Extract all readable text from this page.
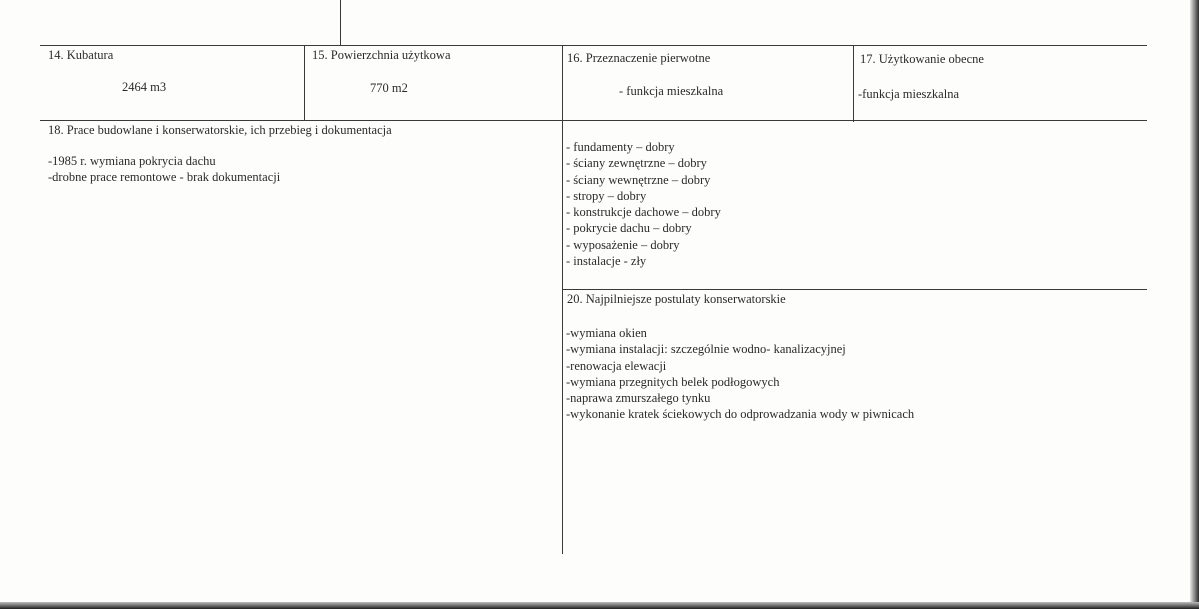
14. Kubatura
2464 m3
15. Powierzchnia użytkowa
770 m2
16. Przeznaczenie pierwotne
- funkcja mieszkalna
17. Użytkowanie obecne
-funkcja mieszkalna
18. Prace budowlane i konserwatorskie, ich przebieg i dokumentacja
-1985 r. wymiana pokrycia dachu
-drobne prace remontowe - brak dokumentacji
- fundamenty – dobry
- ściany zewnętrzne – dobry
- ściany wewnętrzne – dobry
- stropy – dobry
- konstrukcje dachowe – dobry
- pokrycie dachu – dobry
- wyposażenie – dobry
- instalacje - zły
20. Najpilniejsze postulaty konserwatorskie
-wymiana okien
-wymiana instalacji: szczególnie wodno- kanalizacyjnej
-renowacja elewacji
-wymiana przegnitych belek podłogowych
-naprawa zmurszałego tynku
-wykonanie kratek ściekowych do odprowadzania wody w piwnicach
